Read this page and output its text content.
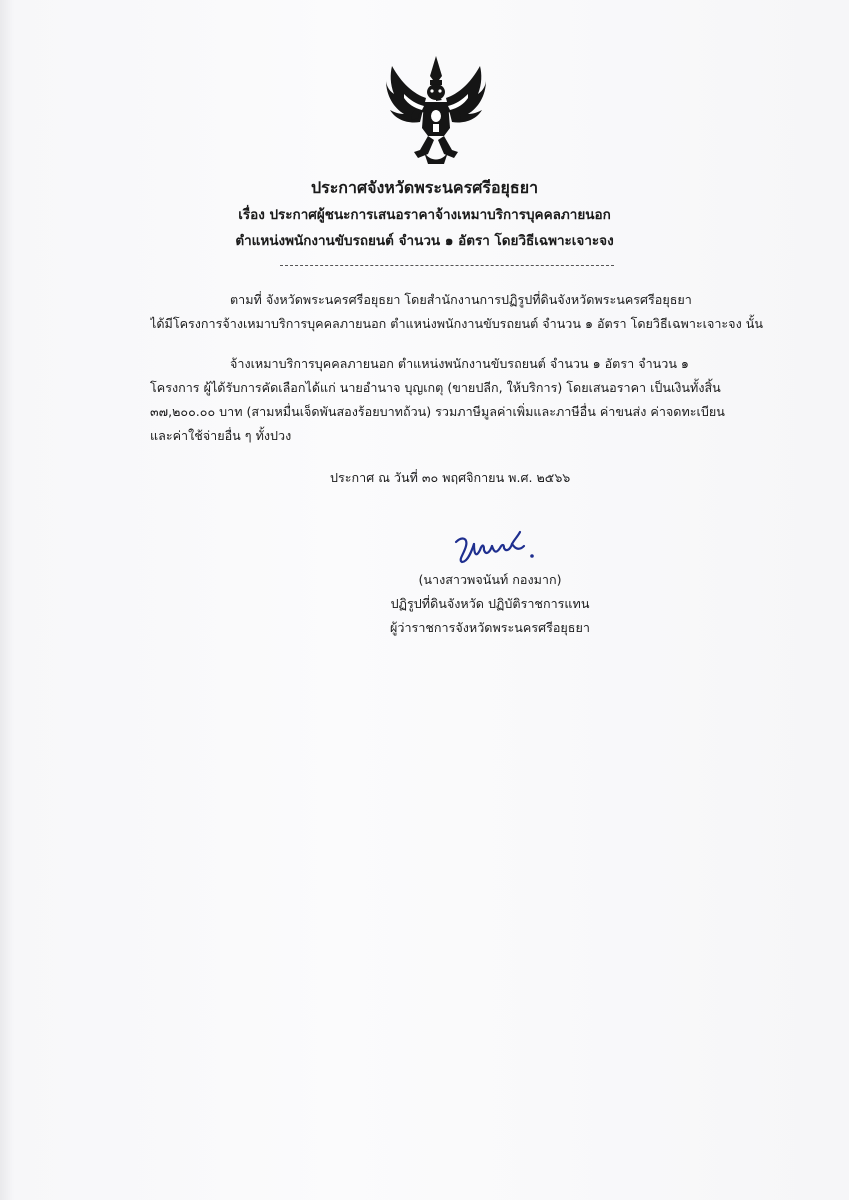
ประกาศจังหวัดพระนครศรีอยุธยา

เรื่อง ประกาศผู้ชนะการเสนอราคาจ้างเหมาบริการบุคคลภายนอก

ตำแหน่งพนักงานขับรถยนต์ จำนวน ๑ อัตรา โดยวิธีเฉพาะเจาะจง

ตามที่ จังหวัดพระนครศรีอยุธยา โดยสำนักงานการปฏิรูปที่ดินจังหวัดพระนครศรีอยุธยา
ได้มีโครงการจ้างเหมาบริการบุคคลภายนอก ตำแหน่งพนักงานขับรถยนต์ จำนวน ๑ อัตรา โดยวิธีเฉพาะเจาะจง นั้น
จ้างเหมาบริการบุคคลภายนอก ตำแหน่งพนักงานขับรถยนต์ จำนวน ๑ อัตรา จำนวน ๑
โครงการ ผู้ได้รับการคัดเลือกได้แก่ นายอำนาจ บุญเกตุ (ขายปลีก, ให้บริการ) โดยเสนอราคา เป็นเงินทั้งสิ้น
๓๗,๒๐๐.๐๐ บาท (สามหมื่นเจ็ดพันสองร้อยบาทถ้วน) รวมภาษีมูลค่าเพิ่มและภาษีอื่น ค่าขนส่ง ค่าจดทะเบียน
และค่าใช้จ่ายอื่น ๆ ทั้งปวง
ประกาศ ณ วันที่ ๓๐ พฤศจิกายน พ.ศ. ๒๕๖๖
(นางสาวพจนันท์ กองมาก)
ปฏิรูปที่ดินจังหวัด ปฏิบัติราชการแทน
ผู้ว่าราชการจังหวัดพระนครศรีอยุธยา
